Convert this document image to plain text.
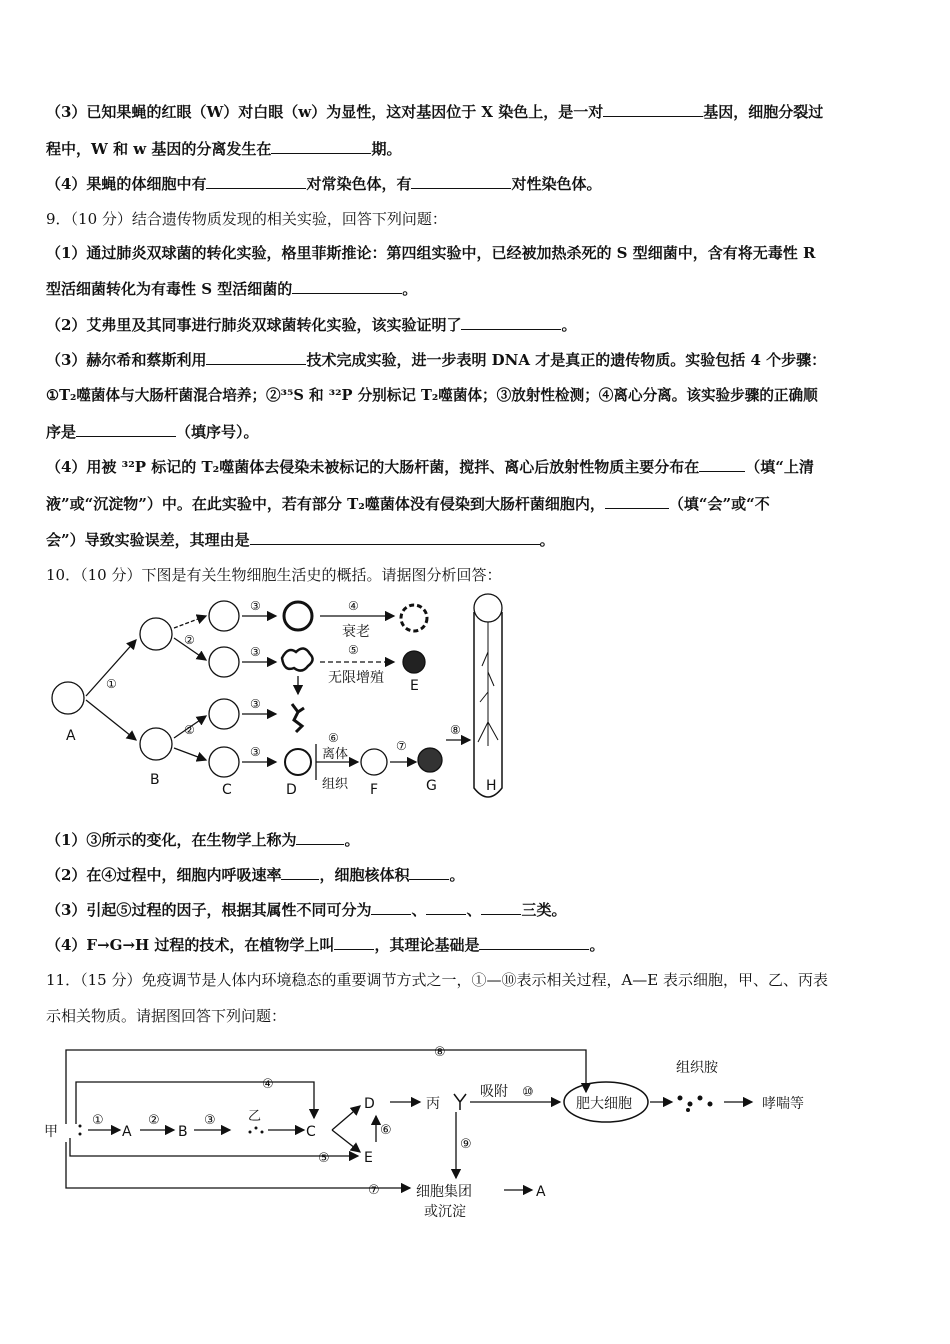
（3）已知果蝇的红眼（W）对白眼（w）为显性，这对基因位于 X 染色上，是一对	基因，细胞分裂过
程中，W 和 w 基因的分离发生在	期。
（4）果蝇的体细胞中有	对常染色体，有	对性染色体。
9．（10 分）结合遗传物质发现的相关实验，回答下列问题：
（1）通过肺炎双球菌的转化实验，格里菲斯推论：第四组实验中，已经被加热杀死的 S 型细菌中，含有将无毒性 R
型活细菌转化为有毒性 S 型活细菌的	。
（2）艾弗里及其同事进行肺炎双球菌转化实验，该实验证明了	。
（3）赫尔希和蔡斯利用	技术完成实验，进一步表明 DNA 才是真正的遗传物质。实验包括 4 个步骤：
①T₂噬菌体与大肠杆菌混合培养；②³⁵S 和 ³²P 分别标记 T₂噬菌体；③放射性检测；④离心分离。该实验步骤的正确顺
序是	（填序号）。
（4）用被 ³²P 标记的 T₂噬菌体去侵染未被标记的大肠杆菌，搅拌、离心后放射性物质主要分布在	（填“上清
液”或“沉淀物”）中。在此实验中，若有部分 T₂噬菌体没有侵染到大肠杆菌细胞内，	（填“会”或“不
会”）导致实验误差，其理由是	。
10．（10 分）下图是有关生物细胞生活史的概括。请据图分析回答：
①
②
②
③
③
③
③
④
⑤
⑥
⑦
⑧
衰老
无限增殖
离体
组织
A
B
C	D
E
F	G	H
（1）③所示的变化，在生物学上称为	。
（2）在④过程中，细胞内呼吸速率	，细胞核体积	。
（3）引起⑤过程的因子，根据其属性不同可分为	、	、	三类。
（4）F→G→H 过程的技术，在植物学上叫	，其理论基础是	。
11．（15 分）免疫调节是人体内环境稳态的重要调节方式之一，①—⑩表示相关过程，A—E 表示细胞，甲、乙、丙表
示相关物质。请据图回答下列问题：
甲	A	B
乙
C
D
E
丙
吸附
肥大细胞
组织胺
哮喘等
细胞集团
或沉淀
A
①	②	③
④
⑤
⑥
⑦
⑧
⑨
⑩
